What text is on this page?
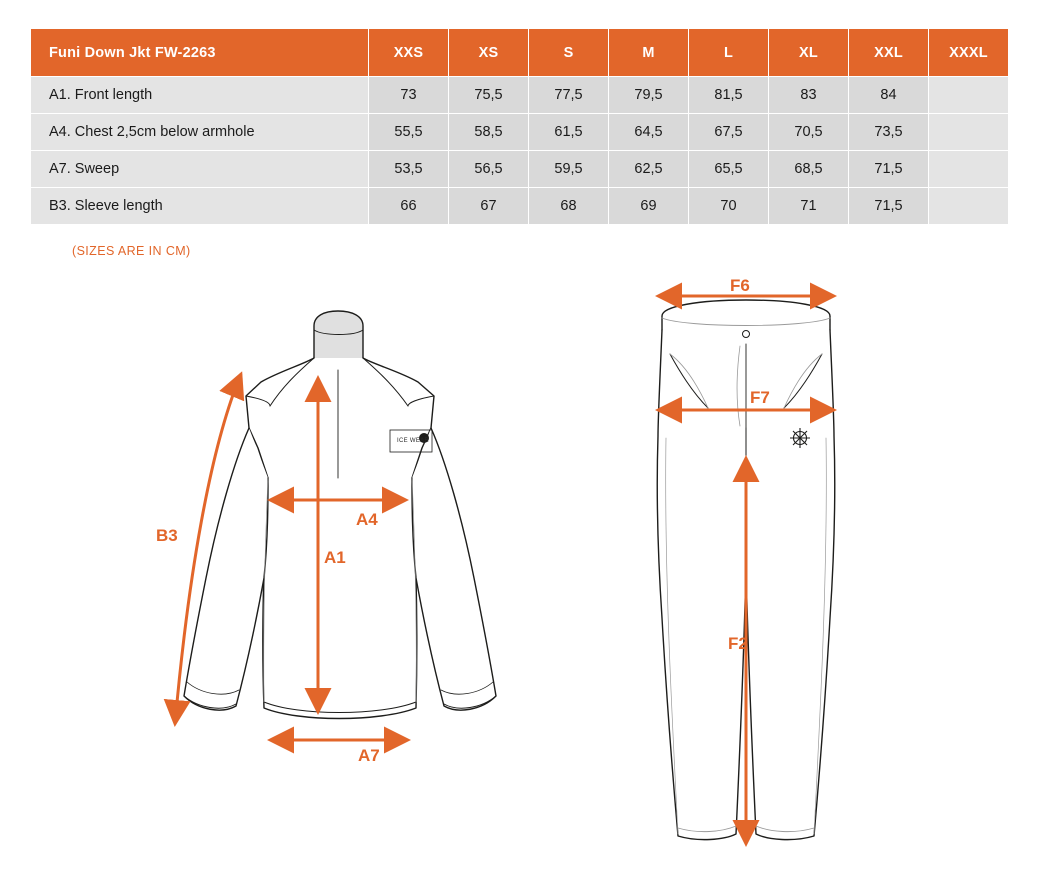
Funi Down Jkt FW-2263	XXS	XS	S	M	L	XL	XXL	XXXL
A1. Front length	73	75,5	77,5	79,5	81,5	83	84	
A4. Chest 2,5cm below armhole	55,5	58,5	61,5	64,5	67,5	70,5	73,5	
A7. Sweep	53,5	56,5	59,5	62,5	65,5	68,5	71,5	
B3. Sleeve length	66	67	68	69	70	71	71,5	
(SIZES ARE IN CM)
ICE WEAR
B3
A4
A1
A7
F6
F7
F2
